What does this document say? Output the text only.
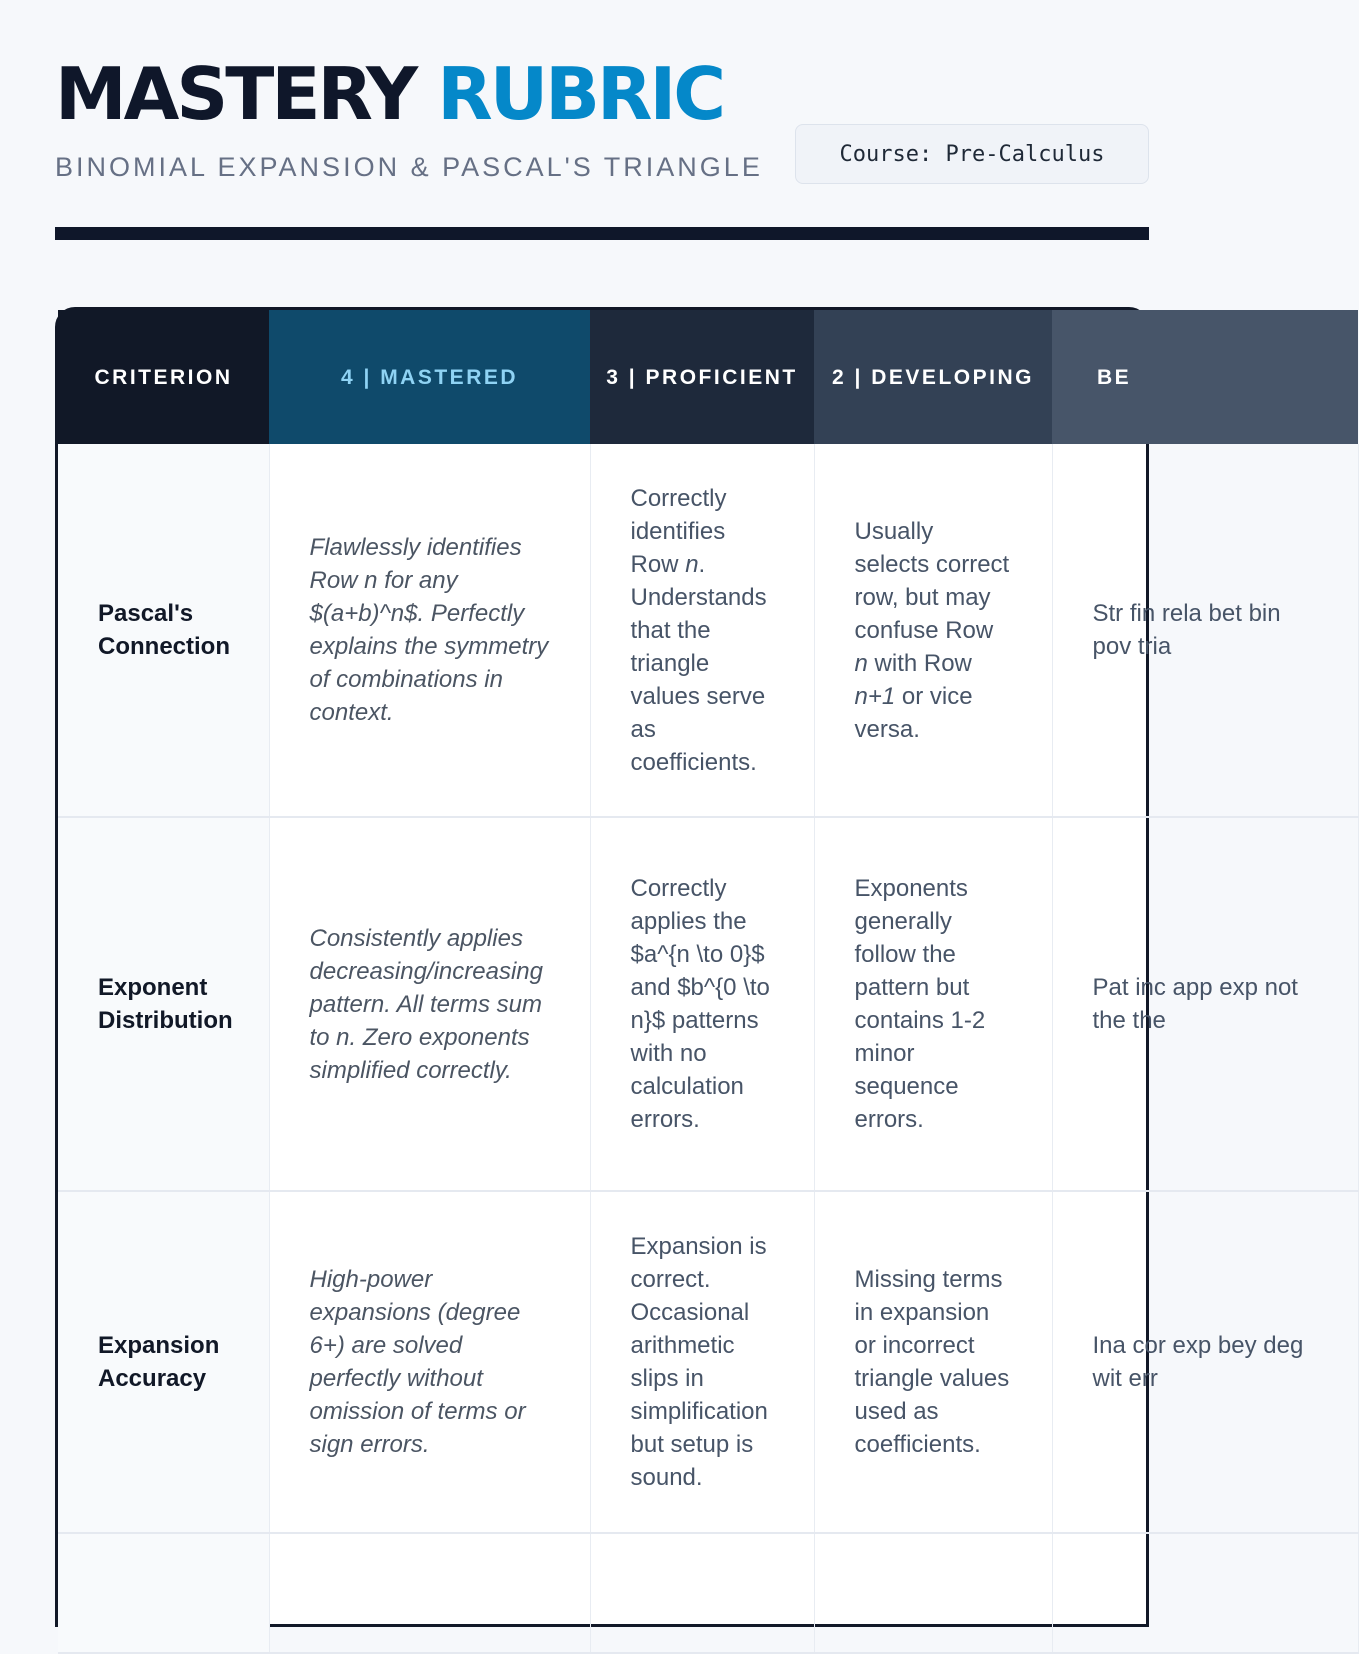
MASTERY RUBRIC

BINOMIAL EXPANSION & PASCAL'S TRIANGLE	Course: Pre-Calculus
CRITERION	4 | MASTERED	3 | PROFICIENT	2 | DEVELOPING	BE
Pascal's Connection	Flawlessly identifies Row n for any $(a+b)^n$. Perfectly explains the symmetry of combinations in context.	Correctly identifies Row n. Understands that the triangle values serve as coefficients.	Usually selects correct row, but may confuse Row n with Row n+1 or vice versa.	Str fin rela bet bin pov tria
Exponent Distribution	Consistently applies decreasing/increasing pattern. All terms sum to n. Zero exponents simplified correctly.	Correctly applies the $a^{n \to 0}$ and $b^{0 \to n}$ patterns with no calculation errors.	Exponents generally follow the pattern but contains 1-2 minor sequence errors.	Pat inc app exp not the the
Expansion Accuracy	High-power expansions (degree 6+) are solved perfectly without omission of terms or sign errors.	Expansion is correct. Occasional arithmetic slips in simplification but setup is sound.	Missing terms in expansion or incorrect triangle values used as coefficients.	Ina cor exp bey deg wit err
